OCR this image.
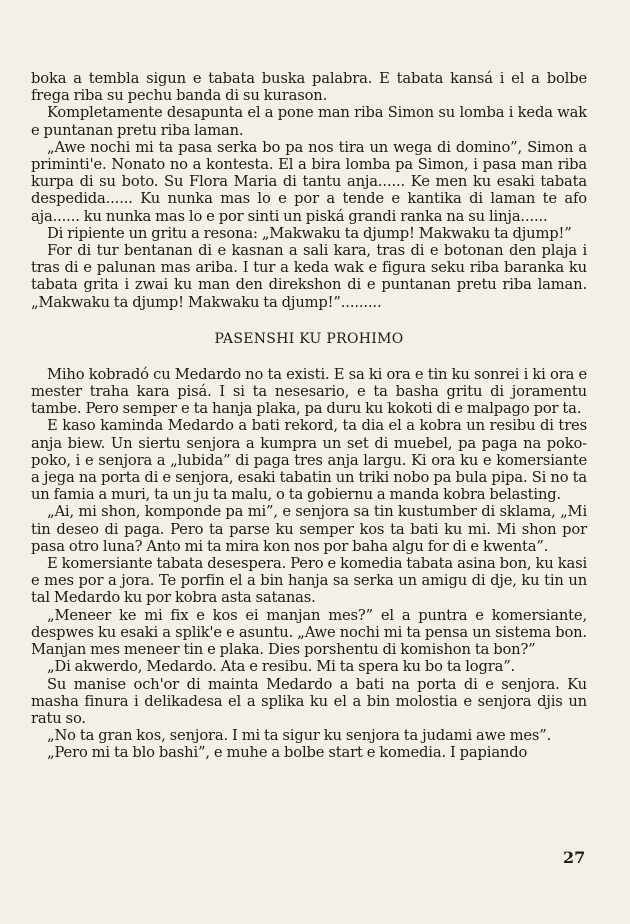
boka a tembla sigun e tabata buska palabra. E tabata kansá i el a bolbe frega riba su pechu banda di su kurason.

Kompletamente desapunta el a pone man riba Simon su lomba i keda wak e puntanan pretu riba laman.

„Awe nochi mi ta pasa serka bo pa nos tira un wega di domino”, Simon a priminti'e. Nonato no a kontesta. El a bira lomba pa Simon, i pasa man riba kurpa di su boto. Su Flora Maria di tantu anja...... Ke men ku esaki tabata despedida...... Ku nunka mas lo e por a tende e kantika di laman te afo aja...... ku nunka mas lo e por sinti un piská grandi ranka na su linja......

Di ripiente un gritu a resona: „Makwaku ta djump! Makwaku ta djump!”

For di tur bentanan di e kasnan a sali kara, tras di e botonan den plaja i tras di e palunan mas ariba. I tur a keda wak e figura seku riba baranka ku tabata grita i zwai ku man den direkshon di e puntanan pretu riba laman. „Makwaku ta djump! Makwaku ta djump!”.........

PASENSHI KU PROHIMO

Miho kobradó cu Medardo no ta existi. E sa ki ora e tin ku sonrei i ki ora e mester traha kara pisá. I si ta nesesario, e ta basha gritu di joramentu tambe. Pero semper e ta hanja plaka, pa duru ku kokoti di e malpago por ta.

E kaso kaminda Medardo a bati rekord, ta dia el a kobra un resibu di tres anja biew. Un siertu senjora a kumpra un set di muebel, pa paga na poko-poko, i e senjora a „lubida” di paga tres anja largu. Ki ora ku e komersiante a jega na porta di e senjora, esaki tabatin un triki nobo pa bula pipa. Si no ta un famia a muri, ta un ju ta malu, o ta gobiernu a manda kobra belasting.

„Ai, mi shon, komponde pa mi”, e senjora sa tin kustumber di sklama, „Mi tin deseo di paga. Pero ta parse ku semper kos ta bati ku mi. Mi shon por pasa otro luna? Anto mi ta mira kon nos por baha algu for di e kwenta”.

E komersiante tabata desespera. Pero e komedia tabata asina bon, ku kasi e mes por a jora. Te porfin el a bin hanja sa serka un amigu di dje, ku tin un tal Medardo ku por kobra asta satanas.

„Meneer ke mi fix e kos ei manjan mes?” el a puntra e komersiante, despwes ku esaki a splik'e e asuntu. „Awe nochi mi ta pensa un sistema bon. Manjan mes meneer tin e plaka. Dies porshentu di komishon ta bon?”

„Di akwerdo, Medardo. Ata e resibu. Mi ta spera ku bo ta logra”.

Su manise och'or di mainta Medardo a bati na porta di e senjora. Ku masha finura i delikadesa el a splika ku el a bin molostia e senjora djis un ratu so.

„No ta gran kos, senjora. I mi ta sigur ku senjora ta judami awe mes”.

„Pero mi ta blo bashi”, e muhe a bolbe start e komedia. I papiando

27
